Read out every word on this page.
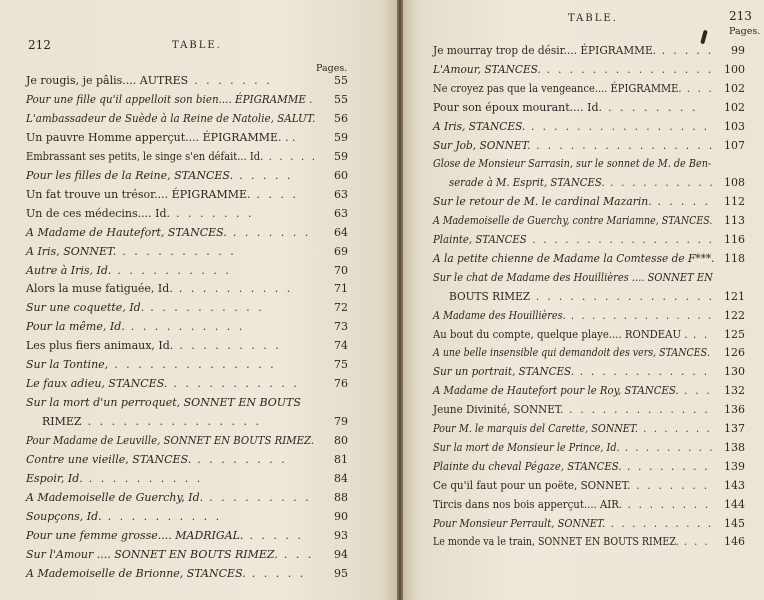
212	TABLE.
Pages.
Je rougis, je pâlis.... AUTRES . . . . . . .	55
Pour une fille qu'il appelloit son bien.... ÉPIGRAMME .	55
L'ambassadeur de Suède à la Reine de Natolie, SALUT.	56
Un pauvre Homme apperçut.... ÉPIGRAMME. . .	59
Embrassant ses petits, le singe s'en défait... Id. . . . . .	59
Pour les filles de la Reine, STANCES. . . . . .	60
Un fat trouve un trésor.... ÉPIGRAMME. . . . .	63
Un de ces médecins.... Id. . . . . . . .	63
A Madame de Hautefort, STANCES. . . . . . . .	64
A Iris, SONNET. . . . . . . . . . .	69
Autre à Iris, Id. . . . . . . . . . .	70
Alors la muse fatiguée, Id. . . . . . . . . . .	71
Sur une coquette, Id. . . . . . . . . . .	72
Pour la même, Id. . . . . . . . . . .	73
Les plus fiers animaux, Id. . . . . . . . . .	74
Sur la Tontine, . . . . . . . . . . . . . .	75
Le faux adieu, STANCES. . . . . . . . . . . .	76
Sur la mort d'un perroquet, SONNET EN BOUTS
RIMEZ . . . . . . . . . . . . . . .	79
Pour Madame de Leuville, SONNET EN BOUTS RIMEZ.	80
Contre une vieille, STANCES. . . . . . . . .	81
Espoir, Id. . . . . . . . . . .	84
A Mademoiselle de Guerchy, Id. . . . . . . . . .	88
Soupçons, Id. . . . . . . . . . .	90
Pour une femme grosse.... MADRIGAL. . . . . .	93
Sur l'Amour .... SONNET EN BOUTS RIMEZ. . . .	94
A Mademoiselle de Brionne, STANCES. . . . . .	95
TABLE.	213
Pages.
Je mourray trop de désir.... ÉPIGRAMME. . . . . .	99
L'Amour, STANCES. . . . . . . . . . . . . . . . 100
Ne croyez pas que la vengeance.... ÉPIGRAMME. . . . 102
Pour son époux mourant.... Id. . . . . . . . .	102
A Iris, STANCES. . . . . . . . . . . . . . . . .	103
Sur Job, SONNET. . . . . . . . . . . . . . . . . 107
Glose de Monsieur Sarrasin, sur le sonnet de M. de Ben-
serade à M. Esprit, STANCES. . . . . . . . . . . 108
Sur le retour de M. le cardinal Mazarin. . . . . .	112
A Mademoiselle de Guerchy, contre Mariamne, STANCES.	113
Plainte, STANCES . . . . . . . . . . . . . . . . . 116
A la petite chienne de Madame la Comtesse de F***. 118
Sur le chat de Madame des Houillières .... SONNET EN
BOUTS RIMEZ . . . . . . . . . . . . . . . . 121
A Madame des Houillières. . . . . . . . . . . . . . . 122
Au bout du compte, quelque playe.... RONDEAU . . .	125
A une belle insensible qui demandoit des vers, STANCES.	126
Sur un portrait, STANCES. . . . . . . . . . . . .	130
A Madame de Hautefort pour le Roy, STANCES. . . .	132
Jeune Divinité, SONNET. . . . . . . . . . . . . .	136
Pour M. le marquis del Carette, SONNET. . . . . . . .	137
Sur la mort de Monsieur le Prince, Id. . . . . . . . . . 138
Plainte du cheval Pégaze, STANCES. . . . . . . . .	139
Ce qu'il faut pour un poëte, SONNET. . . . . . . .	143
Tircis dans nos bois apperçut.... AIR. . . . . . . . .	144
Pour Monsieur Perrault, SONNET. . . . . . . . . . . 145
Le monde va le train, SONNET EN BOUTS RIMEZ. . . .	146
